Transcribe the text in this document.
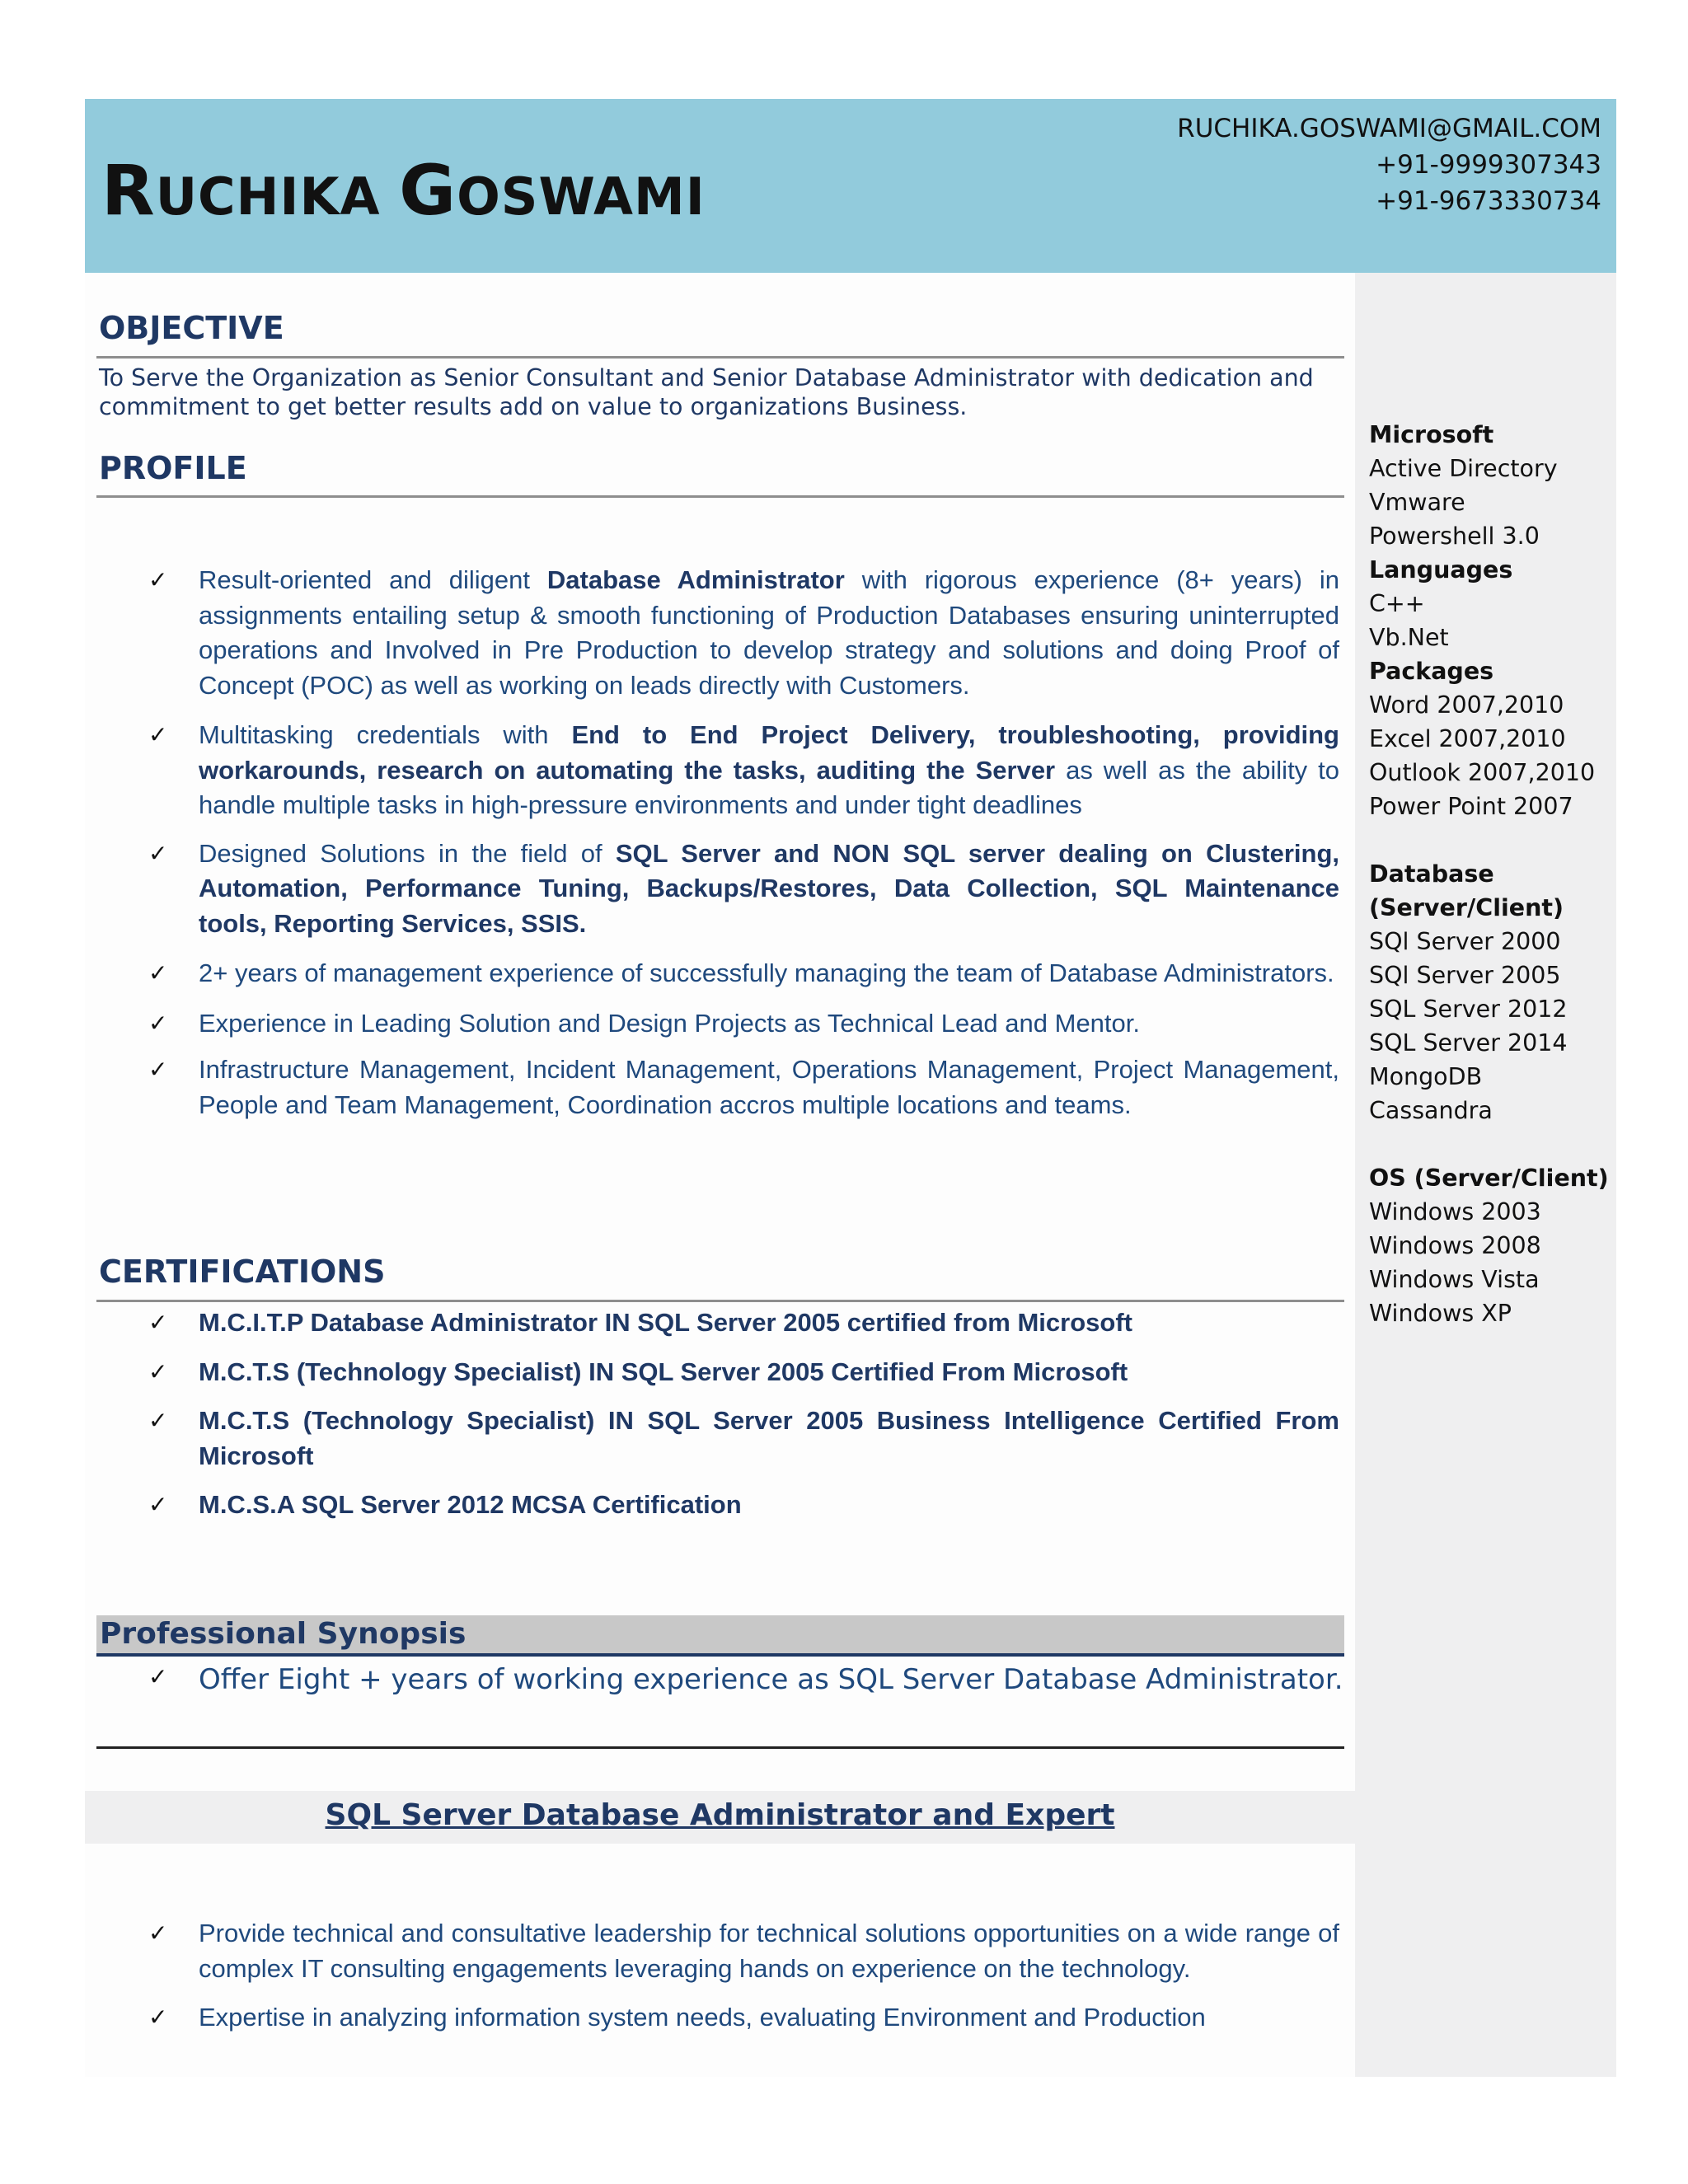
RUCHIKA GOSWAMI
RUCHIKA.GOSWAMI@GMAIL.COM
+91-9999307343
+91-9673330734
OBJECTIVE
To Serve the Organization as Senior Consultant and Senior Database Administrator with dedication and commitment to get better results add on value to organizations Business.
PROFILE
✓ Result-oriented and diligent Database Administrator with rigorous experience (8+ years) in assignments entailing setup & smooth functioning of Production Databases ensuring uninterrupted operations and Involved in Pre Production to develop strategy and solutions and doing Proof of Concept (POC) as well as working on leads directly with Customers.
✓ Multitasking credentials with End to End Project Delivery, troubleshooting, providing workarounds, research on automating the tasks, auditing the Server as well as the ability to handle multiple tasks in high-pressure environments and under tight deadlines
✓ Designed Solutions in the field of SQL Server and NON SQL server dealing on Clustering, Automation, Performance Tuning, Backups/Restores, Data Collection, SQL Maintenance tools, Reporting Services, SSIS.
✓ 2+ years of management experience of successfully managing the team of Database Administrators.
✓ Experience in Leading Solution and Design Projects as Technical Lead and Mentor.
✓ Infrastructure Management, Incident Management, Operations Management, Project Management, People and Team Management, Coordination accros multiple locations and teams.
CERTIFICATIONS
✓ M.C.I.T.P Database Administrator IN SQL Server 2005 certified from Microsoft
✓ M.C.T.S (Technology Specialist) IN SQL Server 2005 Certified From Microsoft
✓ M.C.T.S (Technology Specialist) IN SQL Server 2005 Business Intelligence Certified From Microsoft
✓ M.C.S.A SQL Server 2012 MCSA Certification
Professional Synopsis
✓ Offer Eight + years of working experience as SQL Server Database Administrator.
SQL Server Database Administrator and Expert
✓ Provide technical and consultative leadership for technical solutions opportunities on a wide range of complex IT consulting engagements leveraging hands on experience on the technology.
✓ Expertise in analyzing information system needs, evaluating Environment and Production
Microsoft
Active Directory
Vmware
Powershell 3.0
Languages
C++
Vb.Net
Packages
Word 2007,2010
Excel 2007,2010
Outlook 2007,2010
Power Point 2007
Database
(Server/Client)
SQl Server 2000
SQl Server 2005
SQL Server 2012
SQL Server 2014
MongoDB
Cassandra
OS (Server/Client)
Windows 2003
Windows 2008
Windows Vista
Windows XP
